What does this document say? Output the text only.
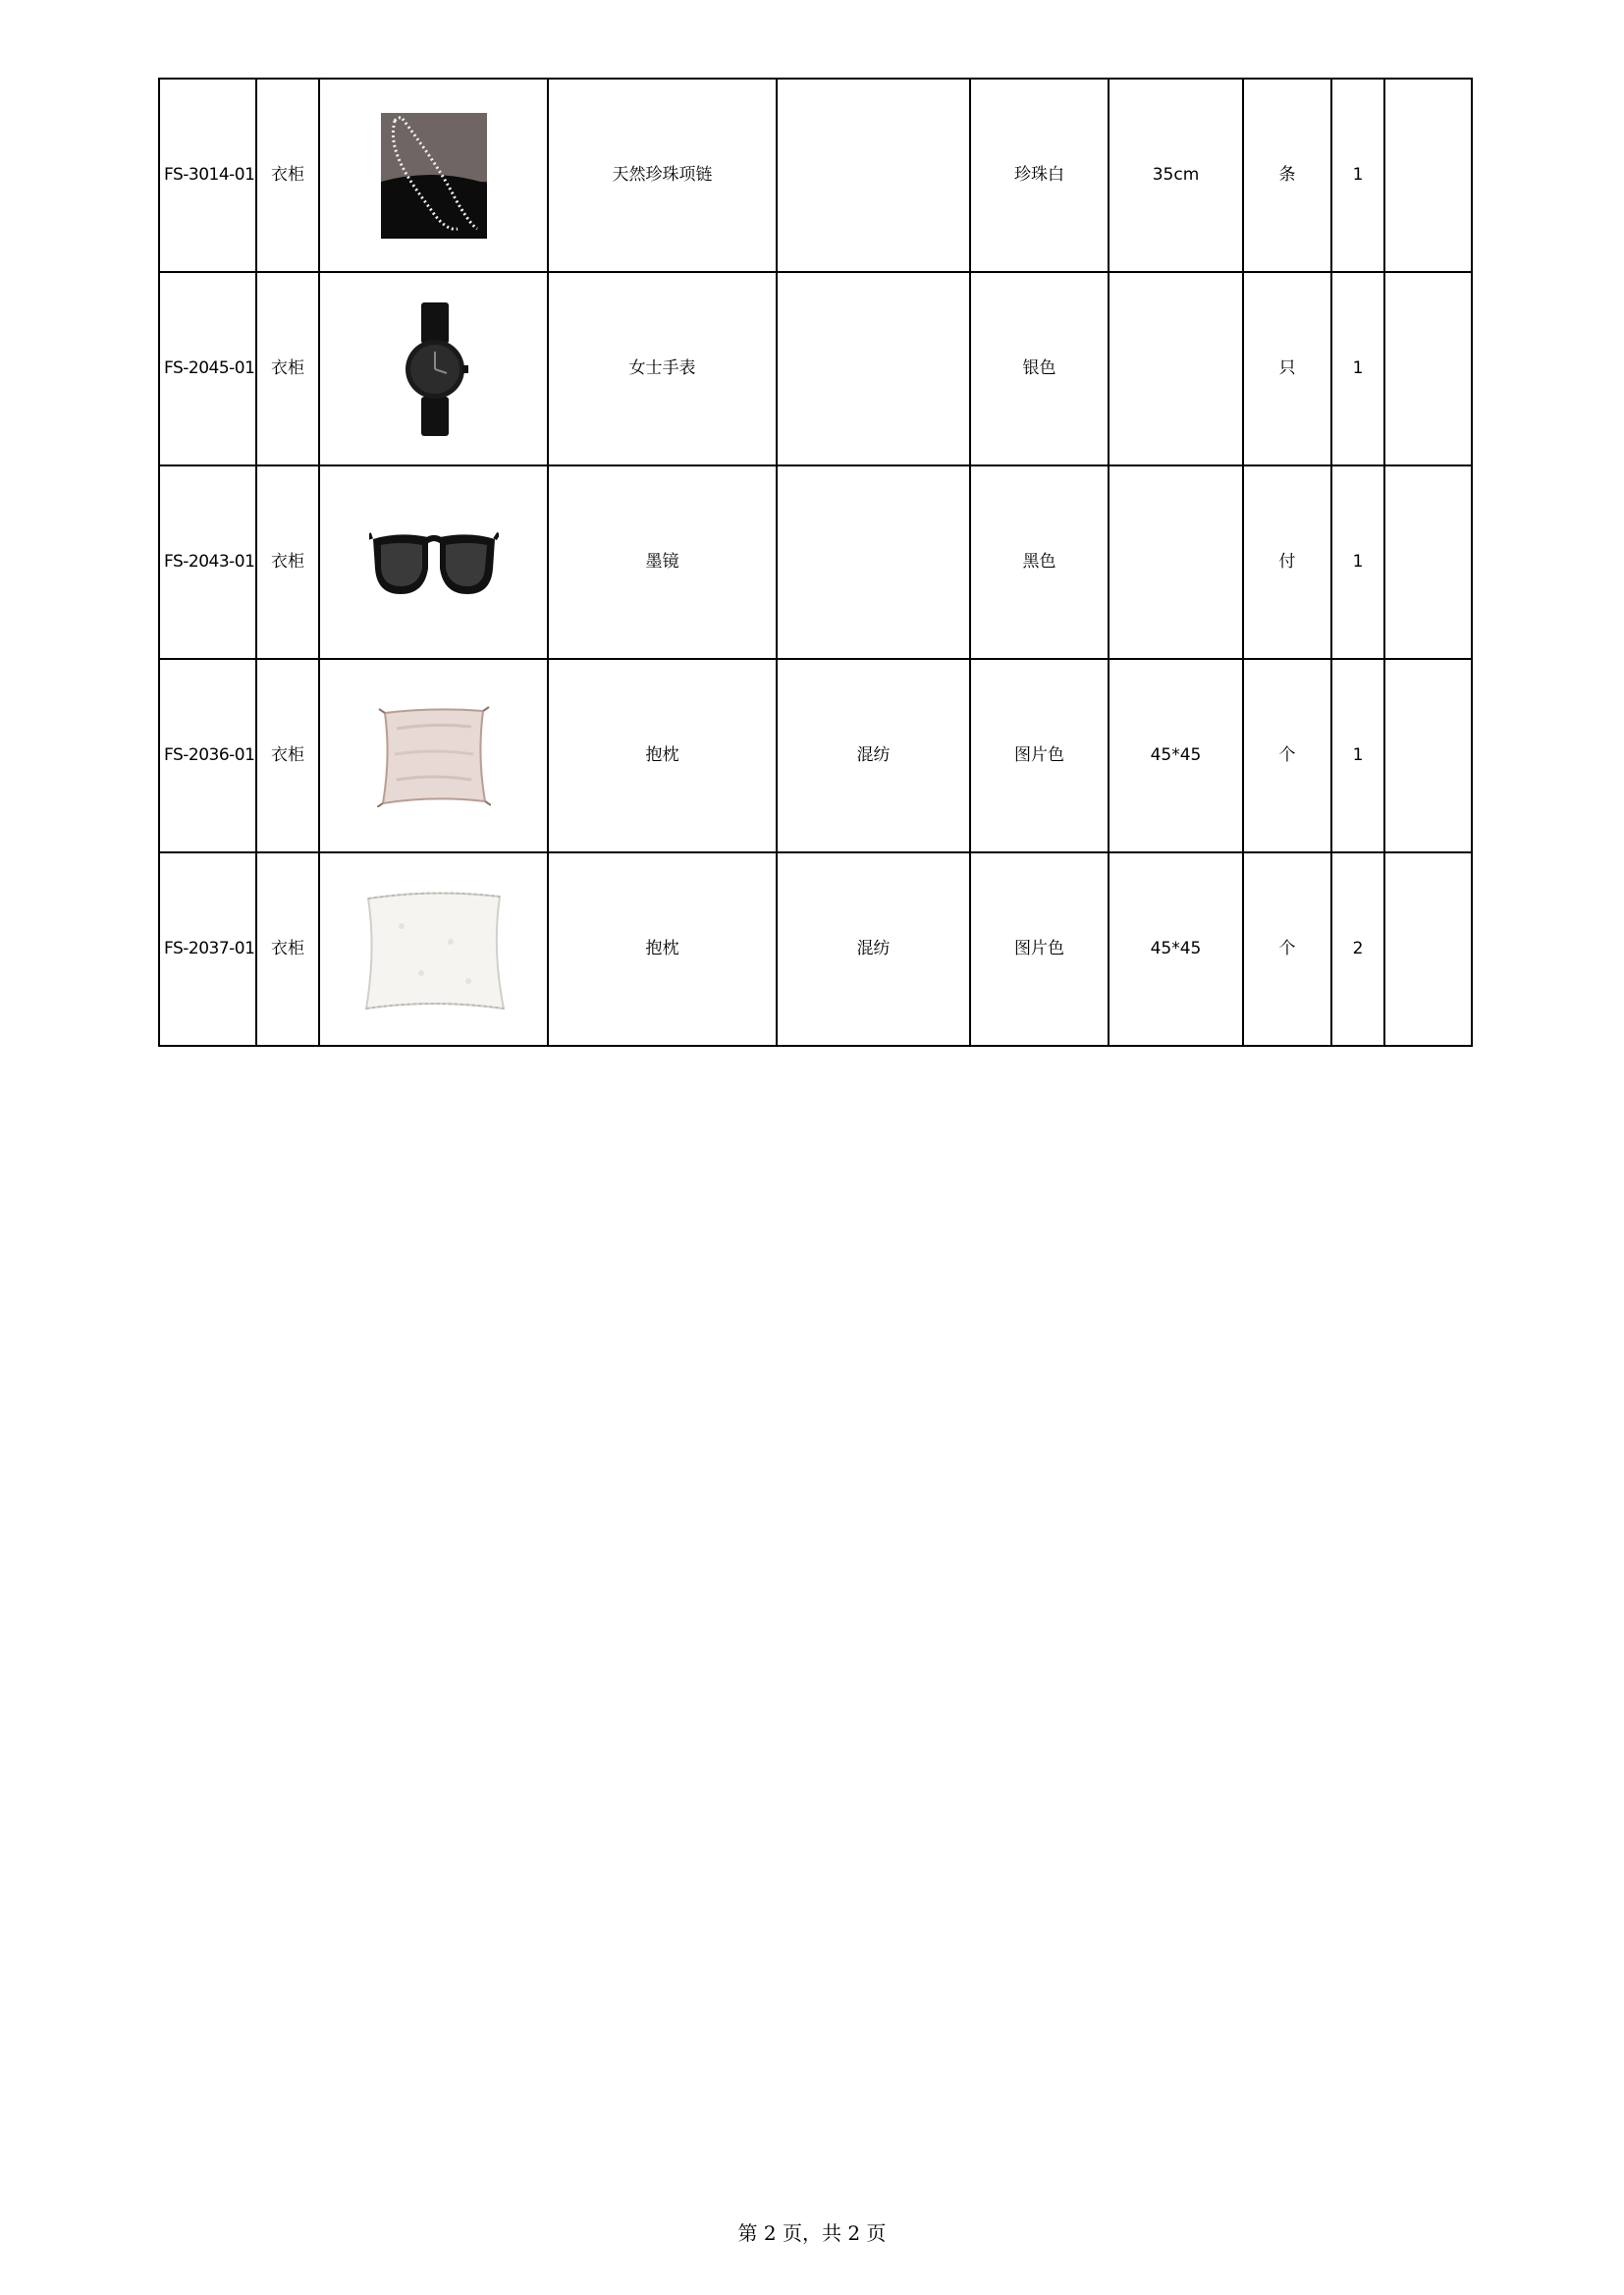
FS-3014-01	衣柜		天然珍珠项链		珍珠白	35cm	条	1	
FS-2045-01	衣柜		女士手表		银色		只	1	
FS-2043-01	衣柜		墨镜		黑色		付	1	
FS-2036-01	衣柜		抱枕	混纺	图片色	45*45	个	1	
FS-2037-01	衣柜		抱枕	混纺	图片色	45*45	个	2	
第 2 页，共 2 页
